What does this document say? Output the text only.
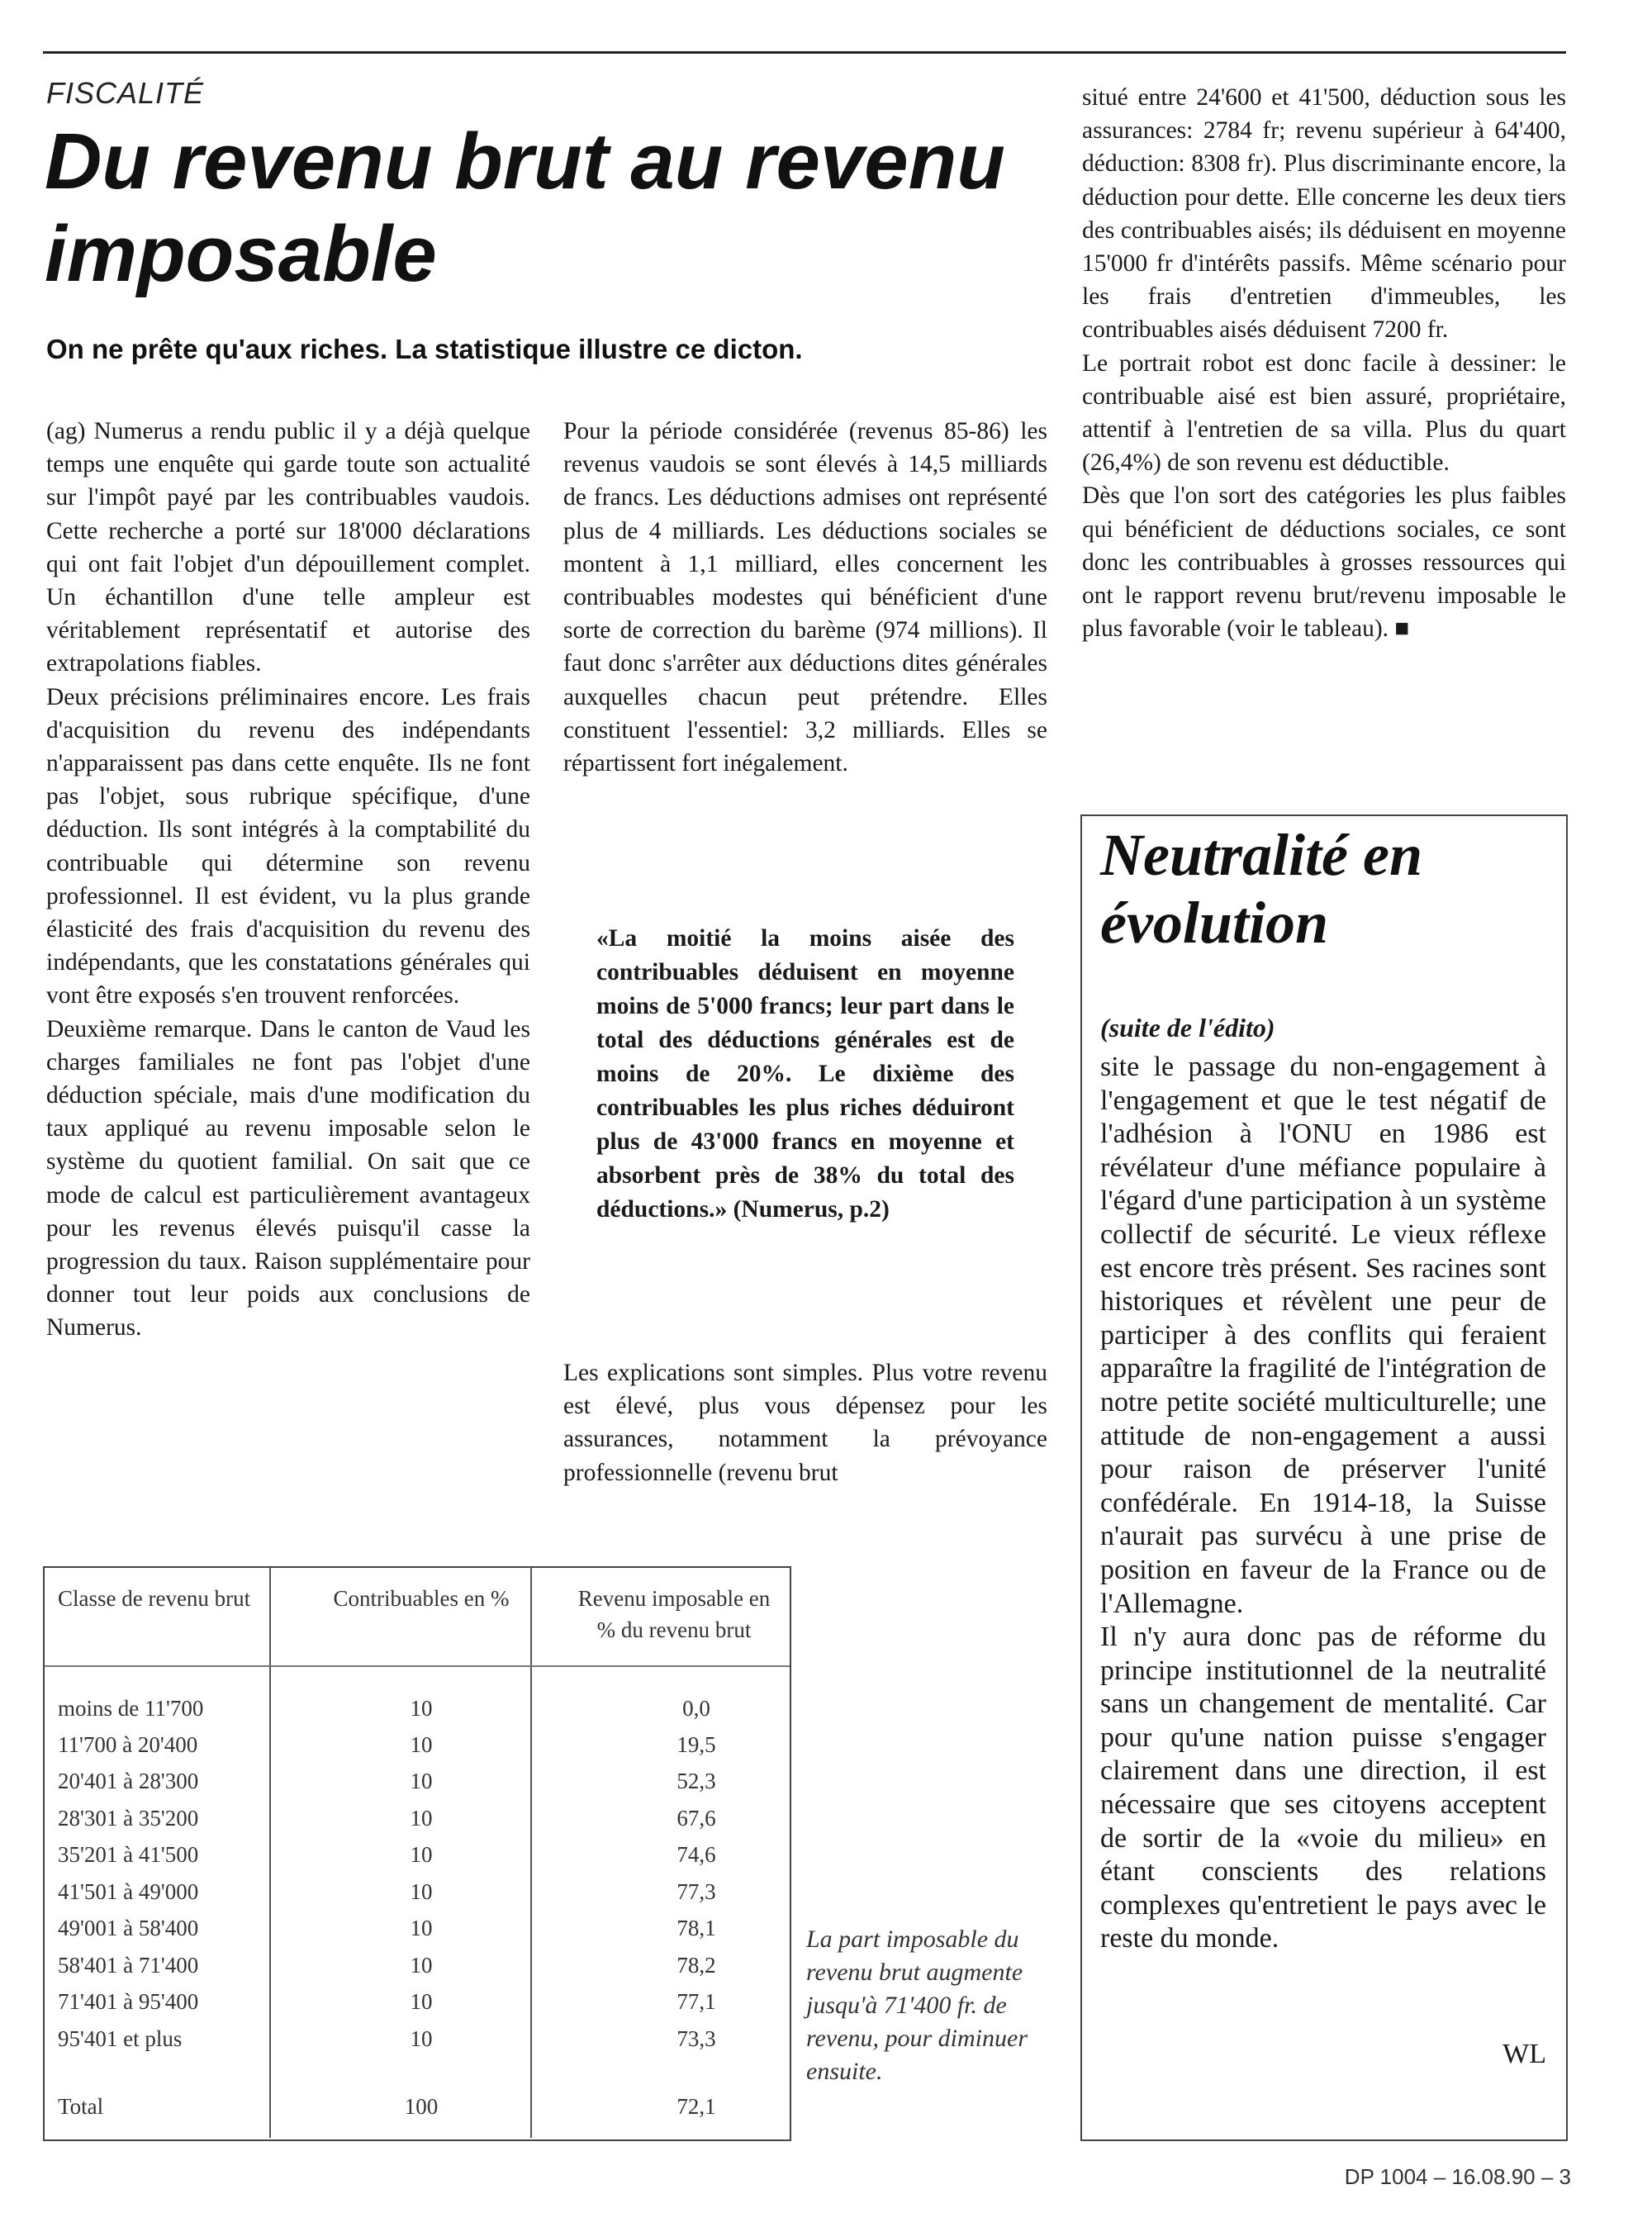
FISCALITÉ
Du revenu brut au revenu imposable

On ne prête qu'aux riches. La statistique illustre ce dicton.

(ag) Numerus a rendu public il y a déjà quelque temps une enquête qui garde toute son actualité sur l'impôt payé par les contribuables vaudois. Cette recherche a porté sur 18'000 déclarations qui ont fait l'objet d'un dépouillement complet. Un échantillon d'une telle ampleur est véritablement représentatif et autorise des extrapolations fiables.

Deux précisions préliminaires encore. Les frais d'acquisition du revenu des indépendants n'apparaissent pas dans cette enquête. Ils ne font pas l'objet, sous rubrique spécifique, d'une déduction. Ils sont intégrés à la comptabilité du contribuable qui détermine son revenu professionnel. Il est évident, vu la plus grande élasticité des frais d'acquisition du revenu des indépendants, que les constatations générales qui vont être exposés s'en trouvent renforcées.

Deuxième remarque. Dans le canton de Vaud les charges familiales ne font pas l'objet d'une déduction spéciale, mais d'une modification du taux appliqué au revenu imposable selon le système du quotient familial. On sait que ce mode de calcul est particulièrement avantageux pour les revenus élevés puisqu'il casse la progression du taux. Raison supplémentaire pour donner tout leur poids aux conclusions de Numerus.

Pour la période considérée (revenus 85-86) les revenus vaudois se sont élevés à 14,5 milliards de francs. Les déductions admises ont représenté plus de 4 milliards. Les déductions sociales se montent à 1,1 milliard, elles concernent les contribuables modestes qui bénéficient d'une sorte de correction du barème (974 millions). Il faut donc s'arrêter aux déductions dites générales auxquelles chacun peut prétendre. Elles constituent l'essentiel: 3,2 milliards. Elles se répartissent fort inégalement.

«La moitié la moins aisée des contribuables déduisent en moyenne moins de 5'000 francs; leur part dans le total des déductions générales est de moins de 20%. Le dixième des contribuables les plus riches déduiront plus de 43'000 francs en moyenne et absorbent près de 38% du total des déductions.» (Numerus, p.2)

Les explications sont simples. Plus votre revenu est élevé, plus vous dépensez pour les assurances, notamment la prévoyance professionnelle (revenu brut

situé entre 24'600 et 41'500, déduction sous les assurances: 2784 fr; revenu supérieur à 64'400, déduction: 8308 fr). Plus discriminante encore, la déduction pour dette. Elle concerne les deux tiers des contribuables aisés; ils déduisent en moyenne 15'000 fr d'intérêts passifs. Même scénario pour les frais d'entretien d'immeubles, les contribuables aisés déduisent 7200 fr.

Le portrait robot est donc facile à dessiner: le contribuable aisé est bien assuré, propriétaire, attentif à l'entretien de sa villa. Plus du quart (26,4%) de son revenu est déductible.

Dès que l'on sort des catégories les plus faibles qui bénéficient de déductions sociales, ce sont donc les contribuables à grosses ressources qui ont le rapport revenu brut/revenu imposable le plus favorable (voir le tableau). ■

Classe de revenu brut	Contribuables en %	Revenu imposable en % du revenu brut
moins de 11'700	10	0,0
11'700 à 20'400	10	19,5
20'401 à 28'300	10	52,3
28'301 à 35'200	10	67,6
35'201 à 41'500	10	74,6
41'501 à 49'000	10	77,3
49'001 à 58'400	10	78,1
58'401 à 71'400	10	78,2
71'401 à 95'400	10	77,1
95'401 et plus	10	73,3
Total	100	72,1

La part imposable du revenu brut augmente jusqu'à 71'400 fr. de revenu, pour diminuer ensuite.

Neutralité en évolution

(suite de l'édito)

site le passage du non-engagement à l'engagement et que le test négatif de l'adhésion à l'ONU en 1986 est révélateur d'une méfiance populaire à l'égard d'une participation à un système collectif de sécurité. Le vieux réflexe est encore très présent. Ses racines sont historiques et révèlent une peur de participer à des conflits qui feraient apparaître la fragilité de l'intégration de notre petite société multiculturelle; une attitude de non-engagement a aussi pour raison de préserver l'unité confédérale. En 1914-18, la Suisse n'aurait pas survécu à une prise de position en faveur de la France ou de l'Allemagne.

Il n'y aura donc pas de réforme du principe institutionnel de la neutralité sans un changement de mentalité. Car pour qu'une nation puisse s'engager clairement dans une direction, il est nécessaire que ses citoyens acceptent de sortir de la «voie du milieu» en étant conscients des relations complexes qu'entretient le pays avec le reste du monde.

WL

DP 1004 – 16.08.90 – 3
